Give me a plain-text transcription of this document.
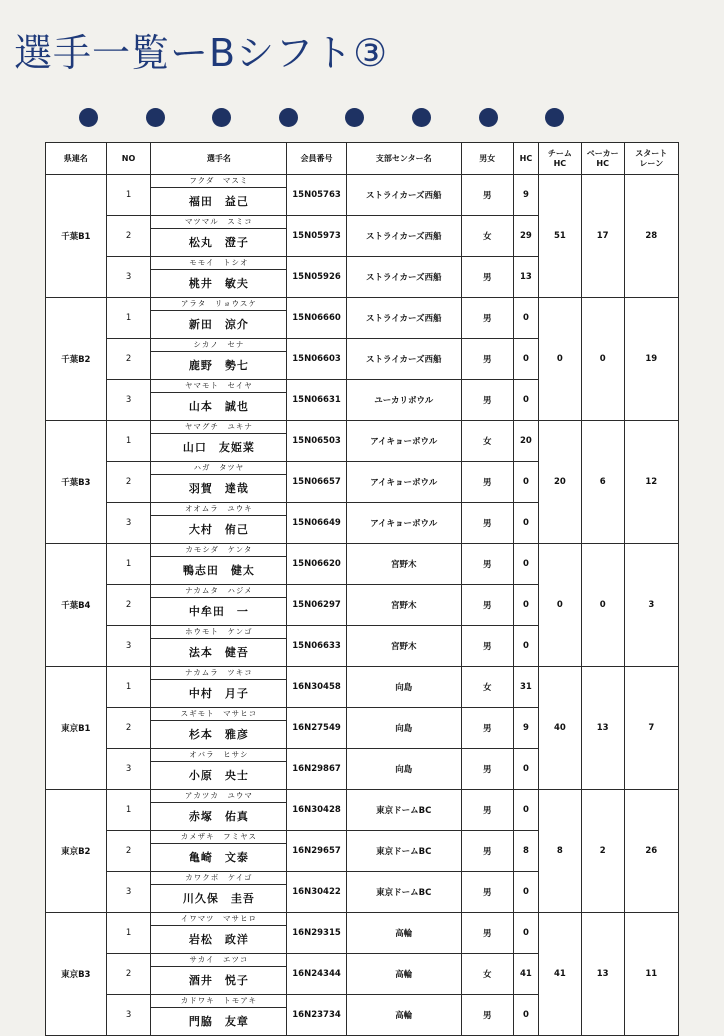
選手一覧ーBシフト③
県連名	NO	選手名	会員番号	支部センター名	男女	HC	チーム
HC	ベーカー
HC	スタート
レーン
千葉B1	1	フクダ　マスミ
福田　益己	15N05763	ストライカーズ西船	男	9	51	17	28
	2	マツマル　スミコ
松丸　澄子	15N05973	ストライカーズ西船	女	29			
	3	モモイ　トシオ
桃井　敏夫	15N05926	ストライカーズ西船	男	13			
千葉B2	1	アラタ　リョウスケ
新田　涼介	15N06660	ストライカーズ西船	男	0	0	0	19
	2	シカノ　セナ
鹿野　勢七	15N06603	ストライカーズ西船	男	0			
	3	ヤマモト　セイヤ
山本　誠也	15N06631	ユーカリボウル	男	0			
千葉B3	1	ヤマグチ　ユキナ
山口　友姫菜	15N06503	アイキョーボウル	女	20	20	6	12
	2	ハガ　タツヤ
羽賀　達哉	15N06657	アイキョーボウル	男	0			
	3	オオムラ　ユウキ
大村　侑己	15N06649	アイキョーボウル	男	0			
千葉B4	1	カモシダ　ケンタ
鴨志田　健太	15N06620	宮野木	男	0	0	0	3
	2	ナカムタ　ハジメ
中牟田　一	15N06297	宮野木	男	0			
	3	ホウモト　ケンゴ
法本　健吾	15N06633	宮野木	男	0			
東京B1	1	ナカムラ　ツキコ
中村　月子	16N30458	向島	女	31	40	13	7
	2	スギモト　マサヒコ
杉本　雅彦	16N27549	向島	男	9			
	3	オバラ　ヒサシ
小原　央士	16N29867	向島	男	0			
東京B2	1	アカツカ　ユウマ
赤塚　佑真	16N30428	東京ドームBC	男	0	8	2	26
	2	カメザキ　フミヤス
亀崎　文泰	16N29657	東京ドームBC	男	8			
	3	カワクボ　ケイゴ
川久保　圭吾	16N30422	東京ドームBC	男	0			
東京B3	1	イワマツ　マサヒロ
岩松　政洋	16N29315	高輪	男	0	41	13	11
	2	サカイ　エツコ
酒井　悦子	16N24344	高輪	女	41			
	3	カドワキ　トモアキ
門脇　友章	16N23734	高輪	男	0			
